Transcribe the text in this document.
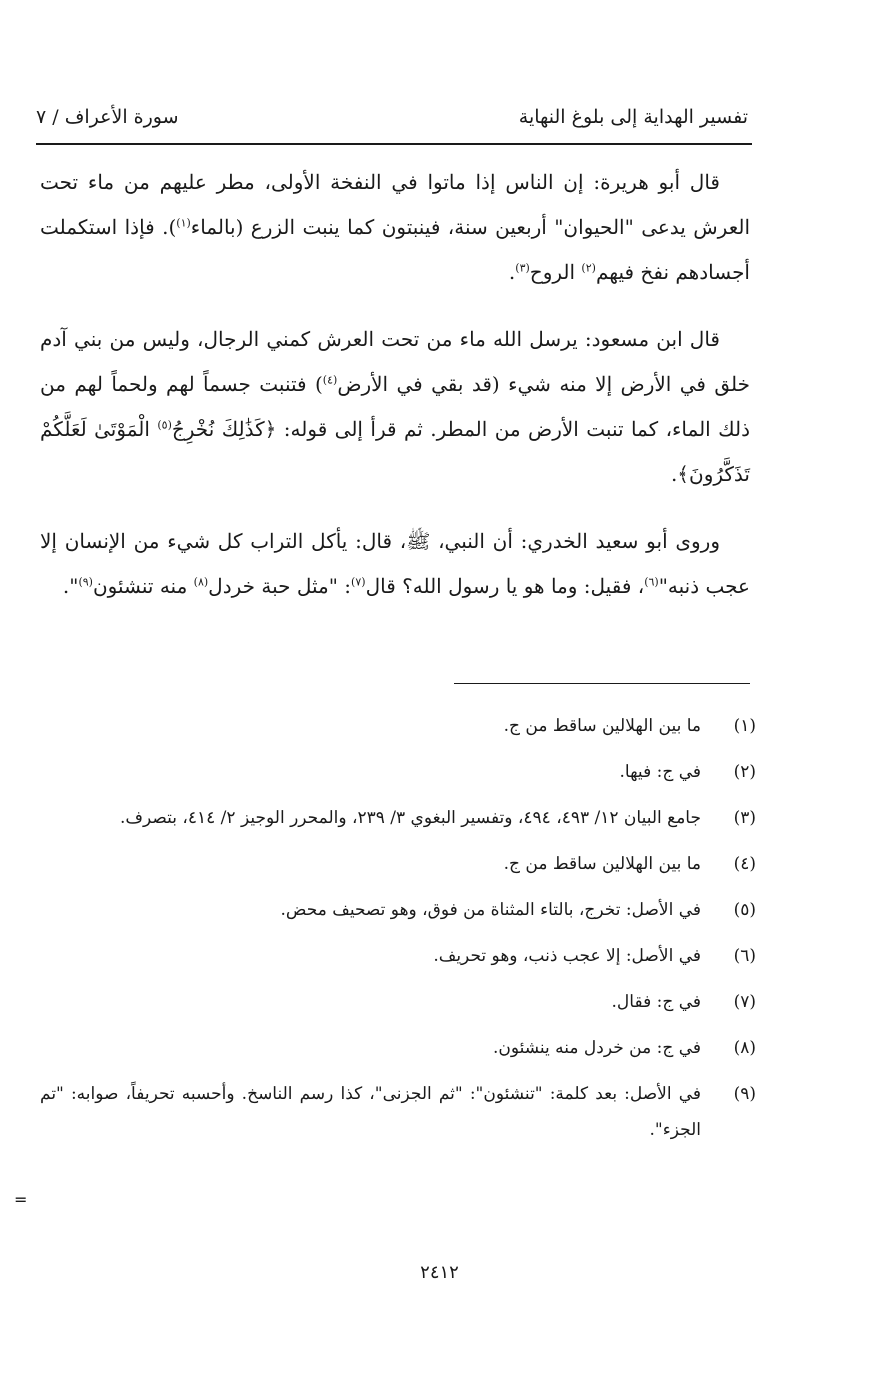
تفسير الهداية إلى بلوغ النهاية
سورة الأعراف / ٧

قال أبو هريرة: إن الناس إذا ماتوا في النفخة الأولى، مطر عليهم من ماء تحت العرش يدعى "الحيوان" أربعين سنة، فينبتون كما ينبت الزرع (بالماء$^{(١)}$). فإذا استكملت أجسادهم نفخ فيهم$^{(٢)}$ الروح$^{(٣)}$.

قال ابن مسعود: يرسل الله ماء من تحت العرش كمني الرجال، وليس من بني آدم خلق في الأرض إلا منه شيء (قد بقي في الأرض$^{(٤)}$) فتنبت جسماً لهم ولحماً لهم من ذلك الماء، كما تنبت الأرض من المطر. ثم قرأ إلى قوله: ﴿كَذَٰلِكَ نُخْرِجُ$^{(٥)}$ الْمَوْتَىٰ لَعَلَّكُمْ تَذَكَّرُونَ﴾.

وروى أبو سعيد الخدري: أن النبي، ﷺ، قال: يأكل التراب كل شيء من الإنسان إلا عجب ذنبه"$^{(٦)}$، فقيل: وما هو يا رسول الله؟ قال$^{(٧)}$: "مثل حبة خردل$^{(٨)}$ منه تنشئون$^{(٩)}$".

(١)
ما بين الهلالين ساقط من ج.
(٢)
في ج: فيها.
(٣)
جامع البيان ١٢/ ٤٩٣، ٤٩٤، وتفسير البغوي ٣/ ٢٣٩، والمحرر الوجيز ٢/ ٤١٤، بتصرف.
(٤)
ما بين الهلالين ساقط من ج.
(٥)
في الأصل: تخرج، بالتاء المثناة من فوق، وهو تصحيف محض.
(٦)
في الأصل: إلا عجب ذنب، وهو تحريف.
(٧)
في ج: فقال.
(٨)
في ج: من خردل منه ينشئون.
(٩)
في الأصل: بعد كلمة: "تنشئون": "ثم الجزنى"، كذا رسم الناسخ. وأحسبه تحريفاً، صوابه: "تم الجزء".
=
٢٤١٢
